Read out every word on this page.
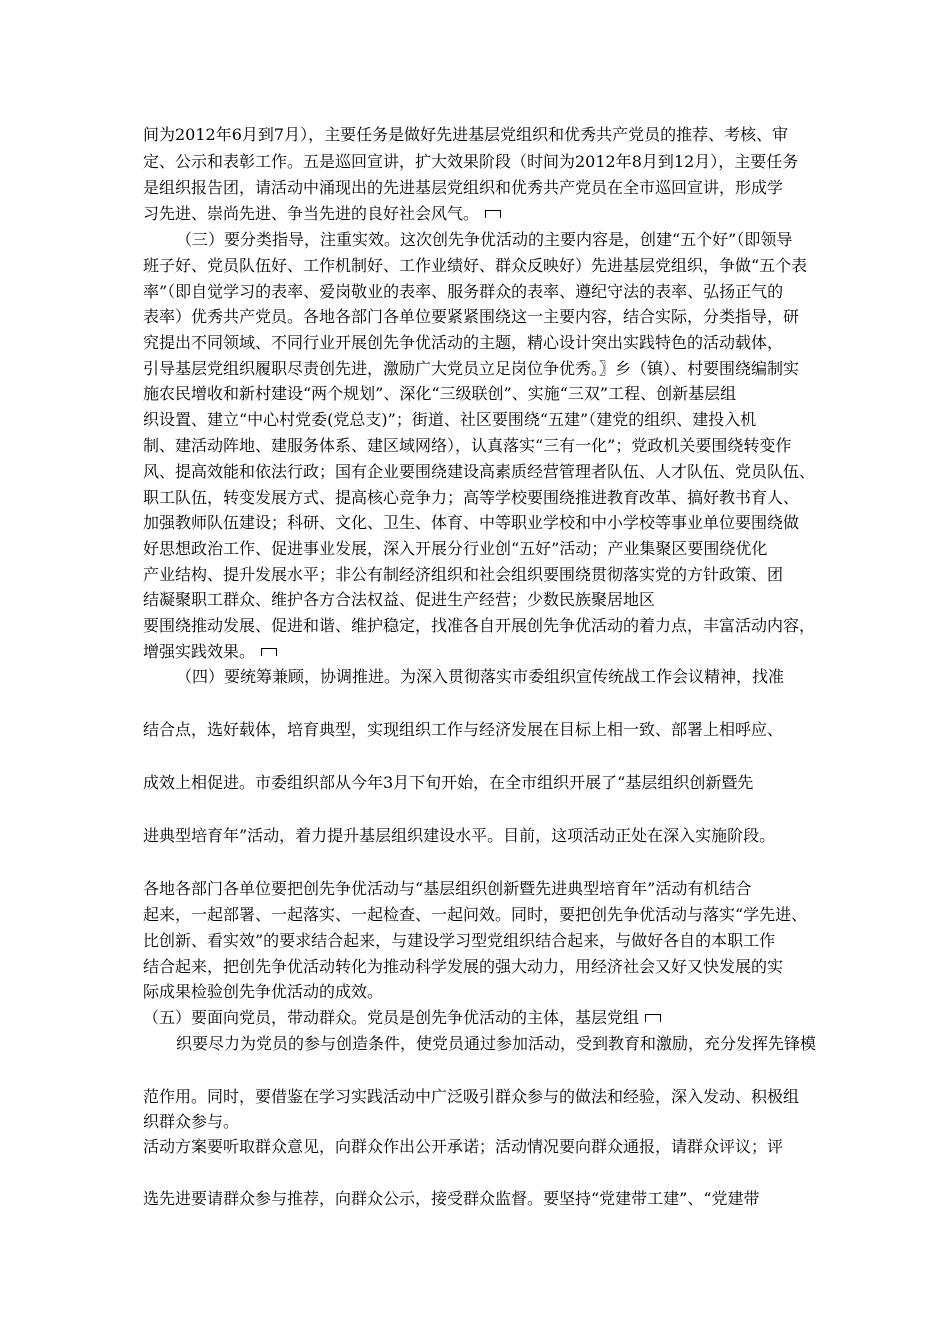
间为2012年6月到7月），主要任务是做好先进基层党组织和优秀共产党员的推荐、考核、审
定、公示和表彰工作。五是巡回宣讲，扩大效果阶段（时间为2012年8月到12月），主要任务
是组织报告团，请活动中涌现出的先进基层党组织和优秀共产党员在全市巡回宣讲，形成学
习先进、崇尚先进、争当先进的良好社会风气。
（三）要分类指导，注重实效。这次创先争优活动的主要内容是，创建“五个好”（即领导
班子好、党员队伍好、工作机制好、工作业绩好、群众反映好）先进基层党组织，争做“五个表
率”（即自觉学习的表率、爱岗敬业的表率、服务群众的表率、遵纪守法的表率、弘扬正气的
表率）优秀共产党员。各地各部门各单位要紧紧围绕这一主要内容，结合实际，分类指导，研
究提出不同领域、不同行业开展创先争优活动的主题，精心设计突出实践特色的活动载体，
引导基层党组织履职尽责创先进，激励广大党员立足岗位争优秀。〗乡（镇）、村要围绕编制实
施农民增收和新村建设“两个规划”、深化“三级联创”、实施“三双”工程、创新基层组
织设置、建立“中心村党委(党总支)”；街道、社区要围绕“五建”（建党的组织、建投入机
制、建活动阵地、建服务体系、建区域网络），认真落实“三有一化”；党政机关要围绕转变作
风、提高效能和依法行政；国有企业要围绕建设高素质经营管理者队伍、人才队伍、党员队伍、
职工队伍，转变发展方式、提高核心竞争力；高等学校要围绕推进教育改革、搞好教书育人、
加强教师队伍建设；科研、文化、卫生、体育、中等职业学校和中小学校等事业单位要围绕做
好思想政治工作、促进事业发展，深入开展分行业创“五好”活动；产业集聚区要围绕优化
产业结构、提升发展水平；非公有制经济组织和社会组织要围绕贯彻落实党的方针政策、团
结凝聚职工群众、维护各方合法权益、促进生产经营；少数民族聚居地区
要围绕推动发展、促进和谐、维护稳定，找准各自开展创先争优活动的着力点，丰富活动内容，
增强实践效果。
（四）要统筹兼顾，协调推进。为深入贯彻落实市委组织宣传统战工作会议精神，找准
结合点，选好载体，培育典型，实现组织工作与经济发展在目标上相一致、部署上相呼应、
成效上相促进。市委组织部从今年3月下旬开始，在全市组织开展了“基层组织创新暨先
进典型培育年”活动，着力提升基层组织建设水平。目前，这项活动正处在深入实施阶段。
各地各部门各单位要把创先争优活动与“基层组织创新暨先进典型培育年”活动有机结合
起来，一起部署、一起落实、一起检查、一起问效。同时，要把创先争优活动与落实“学先进、
比创新、看实效”的要求结合起来，与建设学习型党组织结合起来，与做好各自的本职工作
结合起来，把创先争优活动转化为推动科学发展的强大动力，用经济社会又好又快发展的实
际成果检验创先争优活动的成效。
（五）要面向党员，带动群众。党员是创先争优活动的主体，基层党组
织要尽力为党员的参与创造条件，使党员通过参加活动，受到教育和激励，充分发挥先锋模
范作用。同时，要借鉴在学习实践活动中广泛吸引群众参与的做法和经验，深入发动、积极组
织群众参与。
活动方案要听取群众意见，向群众作出公开承诺；活动情况要向群众通报，请群众评议；评
选先进要请群众参与推荐，向群众公示，接受群众监督。要坚持“党建带工建”、“党建带
